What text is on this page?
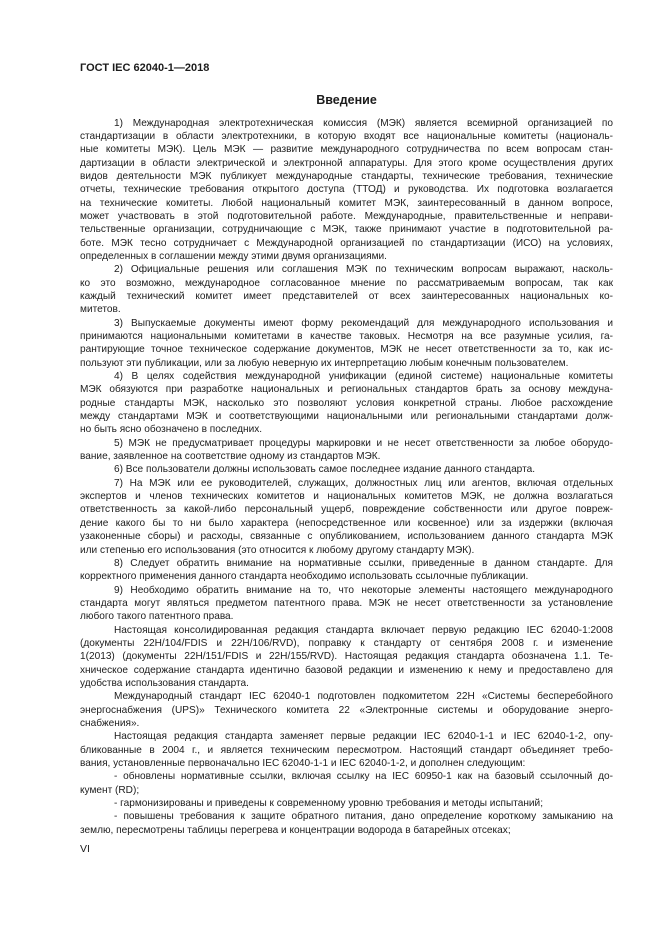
ГОСТ IEC 62040-1—2018
Введение
1) Международная электротехническая комиссия (МЭК) является всемирной организацией по
стандартизации в области электротехники, в которую входят все национальные комитеты (националь-
ные комитеты МЭК). Цель МЭК — развитие международного сотрудничества по всем вопросам стан-
дартизации в области электрической и электронной аппаратуры. Для этого кроме осуществления других
видов деятельности МЭК публикует международные стандарты, технические требования, технические
отчеты, технические требования открытого доступа (ТТОД) и руководства. Их подготовка возлагается
на технические комитеты. Любой национальный комитет МЭК, заинтересованный в данном вопросе,
может участвовать в этой подготовительной работе. Международные, правительственные и неправи-
тельственные организации, сотрудничающие с МЭК, также принимают участие в подготовительной ра-
боте. МЭК тесно сотрудничает с Международной организацией по стандартизации (ИСО) на условиях,
определенных в соглашении между этими двумя организациями.
2) Официальные решения или соглашения МЭК по техническим вопросам выражают, насколь-
ко это возможно, международное согласованное мнение по рассматриваемым вопросам, так как
каждый технический комитет имеет представителей от всех заинтересованных национальных ко-
митетов.
3) Выпускаемые документы имеют форму рекомендаций для международного использования и
принимаются национальными комитетами в качестве таковых. Несмотря на все разумные усилия, га-
рантирующие точное техническое содержание документов, МЭК не несет ответственности за то, как ис-
пользуют эти публикации, или за любую неверную их интерпретацию любым конечным пользователем.
4) В целях содействия международной унификации (единой системе) национальные комитеты
МЭК обязуются при разработке национальных и региональных стандартов брать за основу междуна-
родные стандарты МЭК, насколько это позволяют условия конкретной страны. Любое расхождение
между стандартами МЭК и соответствующими национальными или региональными стандартами долж-
но быть ясно обозначено в последних.
5) МЭК не предусматривает процедуры маркировки и не несет ответственности за любое оборудо-
вание, заявленное на соответствие одному из стандартов МЭК.
6) Все пользователи должны использовать самое последнее издание данного стандарта.
7) На МЭК или ее руководителей, служащих, должностных лиц или агентов, включая отдельных
экспертов и членов технических комитетов и национальных комитетов МЭК, не должна возлагаться
ответственность за какой-либо персональный ущерб, повреждение собственности или другое повреж-
дение какого бы то ни было характера (непосредственное или косвенное) или за издержки (включая
узаконенные сборы) и расходы, связанные с опубликованием, использованием данного стандарта МЭК
или степенью его использования (это относится к любому другому стандарту МЭК).
8) Следует обратить внимание на нормативные ссылки, приведенные в данном стандарте. Для
корректного применения данного стандарта необходимо использовать ссылочные публикации.
9) Необходимо обратить внимание на то, что некоторые элементы настоящего международного
стандарта могут являться предметом патентного права. МЭК не несет ответственности за установление
любого такого патентного права.
Настоящая консолидированная редакция стандарта включает первую редакцию IEC 62040-1:2008
(документы 22H/104/FDIS и 22H/106/RVD), поправку к стандарту от сентября 2008 г. и изменение
1(2013) (документы 22H/151/FDIS и 22H/155/RVD). Настоящая редакция стандарта обозначена 1.1. Те-
хническое содержание стандарта идентично базовой редакции и изменению к нему и предоставлено для
удобства использования стандарта.
Международный стандарт IEC 62040-1 подготовлен подкомитетом 22H «Системы бесперебойного
энергоснабжения (UPS)» Технического комитета 22 «Электронные системы и оборудование энерго-
снабжения».
Настоящая редакция стандарта заменяет первые редакции IEC 62040-1-1 и IEC 62040-1-2, опу-
бликованные в 2004 г., и является техническим пересмотром. Настоящий стандарт объединяет требо-
вания, установленные первоначально IEC 62040-1-1 и IEC 62040-1-2, и дополнен следующим:
- обновлены нормативные ссылки, включая ссылку на IEC 60950-1 как на базовый ссылочный до-
кумент (RD);
- гармонизированы и приведены к современному уровню требования и методы испытаний;
- повышены требования к защите обратного питания, дано определение короткому замыканию на
землю, пересмотрены таблицы перегрева и концентрации водорода в батарейных отсеках;
VI
